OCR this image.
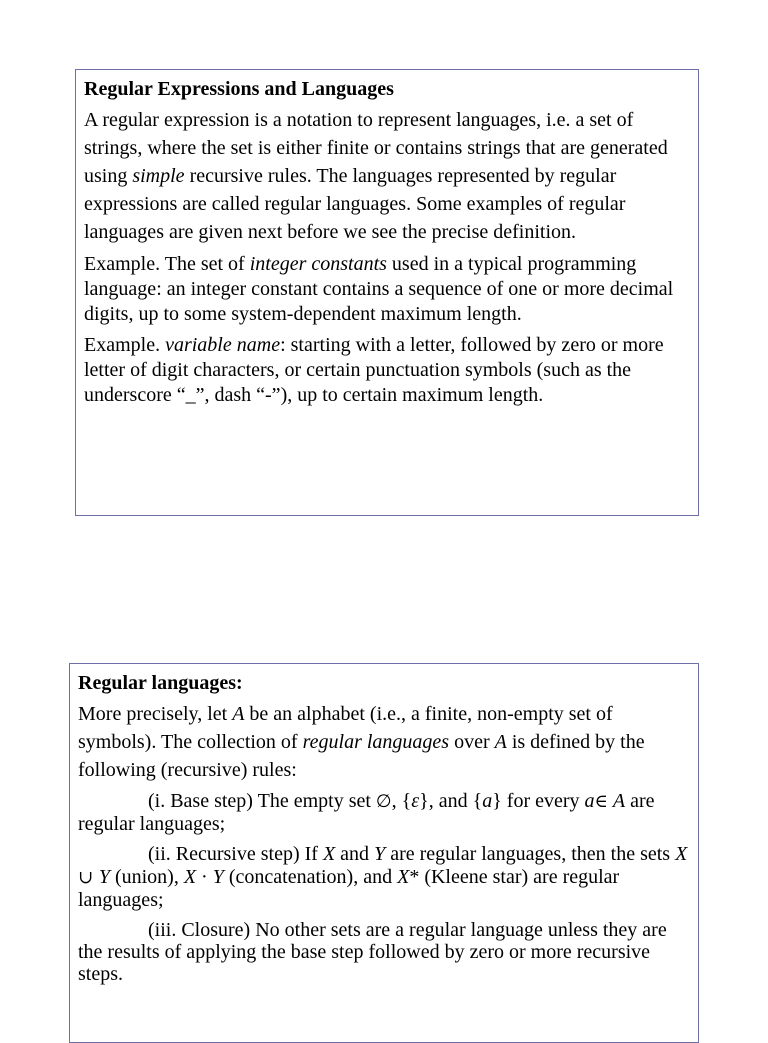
Regular Expressions and Languages

A regular expression is a notation to represent languages, i.e. a set of strings, where the set is either finite or contains strings that are generated using simple recursive rules. The languages represented by regular expressions are called regular languages. Some examples of regular languages are given next before we see the precise definition.

Example. The set of integer constants used in a typical programming language: an integer constant contains a sequence of one or more decimal digits, up to some system-dependent maximum length.

Example. variable name: starting with a letter, followed by zero or more letter of digit characters, or certain punctuation symbols (such as the underscore “_”, dash “-”), up to certain maximum length.

Regular languages:

More precisely, let A be an alphabet (i.e., a finite, non-empty set of symbols). The collection of regular languages over A is defined by the following (recursive) rules:

(i. Base step) The empty set ∅, {ε}, and {a} for every a∈ A are regular languages;

(ii. Recursive step) If X and Y are regular languages, then the sets X ∪ Y (union), X · Y (concatenation), and X* (Kleene star) are regular languages;

(iii. Closure) No other sets are a regular language unless they are the results of applying the base step followed by zero or more recursive steps.
